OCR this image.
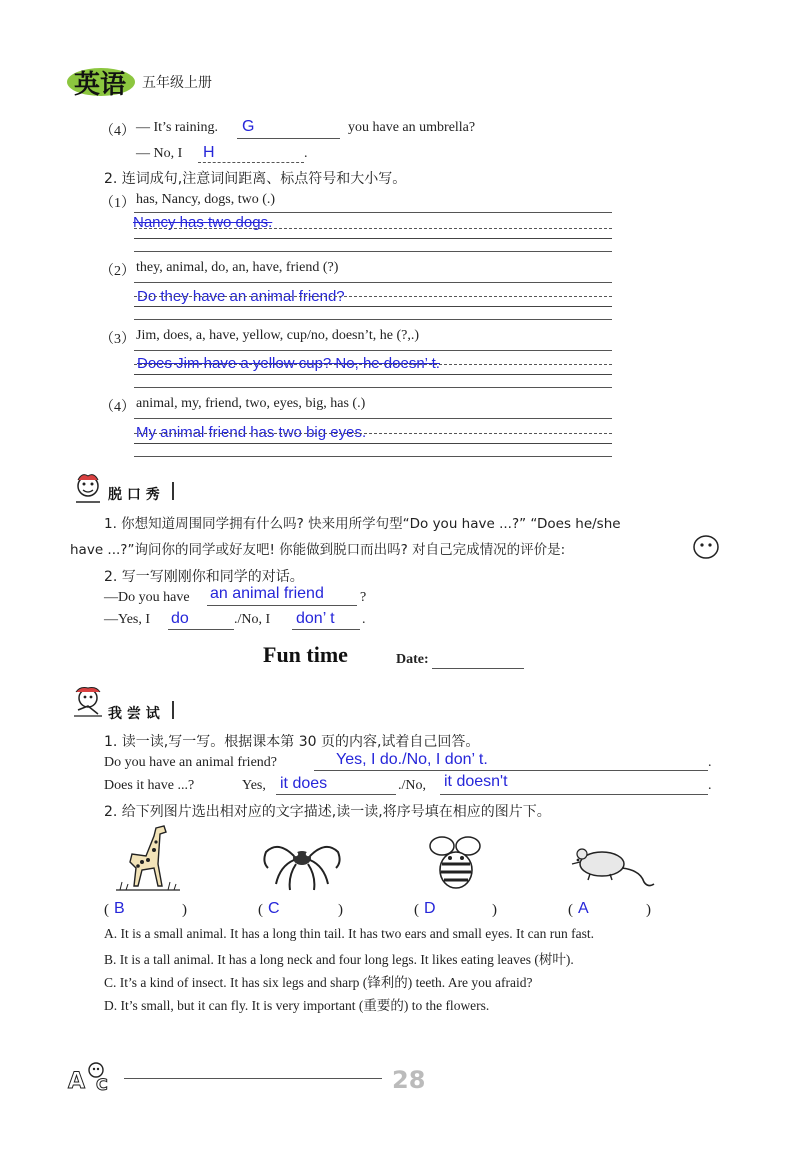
英语 五年级上册
（4） — It’s raining. G	you have an umbrella?
— No, I H	.
2. 连词成句,注意词间距离、标点符号和大小写。
（1） has, Nancy, dogs, two (.)
Nancy has two dogs.
（2） they, animal, do, an, have, friend (?)
Do they have an animal friend?
（3） Jim, does, a, have, yellow, cup/no, doesn’t, he (?,.)
Does Jim have a yellow cup? No, he doesn’ t.
（4） animal, my, friend, two, eyes, big, has (.)
My animal friend has two big eyes.
脱 口 秀
1. 你想知道周围同学拥有什么吗? 快来用所学句型“Do you have ...?” “Does he/she
have ...?”询问你的同学或好友吧! 你能做到脱口而出吗? 对自己完成情况的评价是:
2. 写一写刚刚你和同学的对话。
—Do you have an animal friend	?
—Yes, I do	./No, I don’ t .
Fun time	Date:
我 尝 试
1. 读一读,写一写。根据课本第 30 页的内容,试着自己回答。
Do you have an animal friend?	Yes, I do./No, I don’ t.	.
Does it have ...?	Yes, it does	./No, it doesn't	.
2. 给下列图片选出相对应的文字描述,读一读,将序号填在相应的图片下。
( B	)	( C	)	( D	)	( A	)
A. It is a small animal. It has a long thin tail. It has two ears and small eyes. It can run fast.
B. It is a tall animal. It has a long neck and four long legs. It likes eating leaves (树叶).
C. It’s a kind of insect. It has six legs and sharp (锋利的) teeth. Are you afraid?
D. It’s small, but it can fly. It is very important (重要的) to the flowers.
A C	28
